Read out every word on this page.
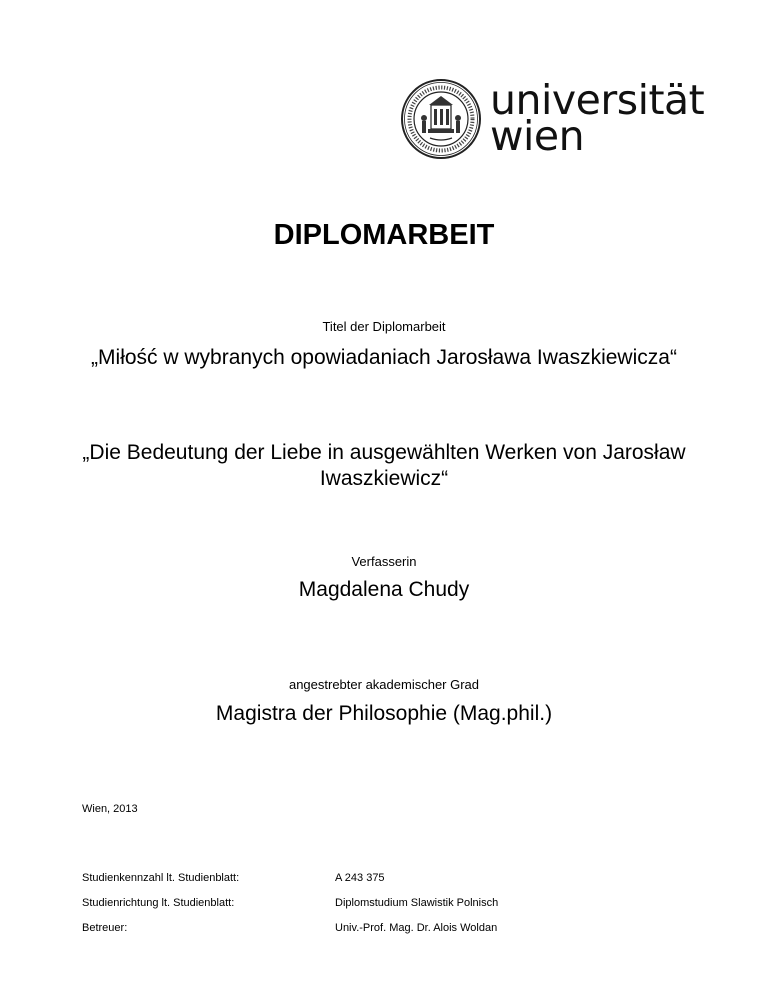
universität
wien
DIPLOMARBEIT
Titel der Diplomarbeit
„Miłość w wybranych opowiadaniach Jarosława Iwaszkiewicza“
„Die Bedeutung der Liebe in ausgewählten Werken von Jarosław Iwaszkiewicz“
Verfasserin
Magdalena Chudy
angestrebter akademischer Grad
Magistra der Philosophie (Mag.phil.)
Wien, 2013
Studienkennzahl lt. Studienblatt:	A 243 375
Studienrichtung lt. Studienblatt:	Diplomstudium Slawistik Polnisch
Betreuer:	Univ.-Prof. Mag. Dr. Alois Woldan
